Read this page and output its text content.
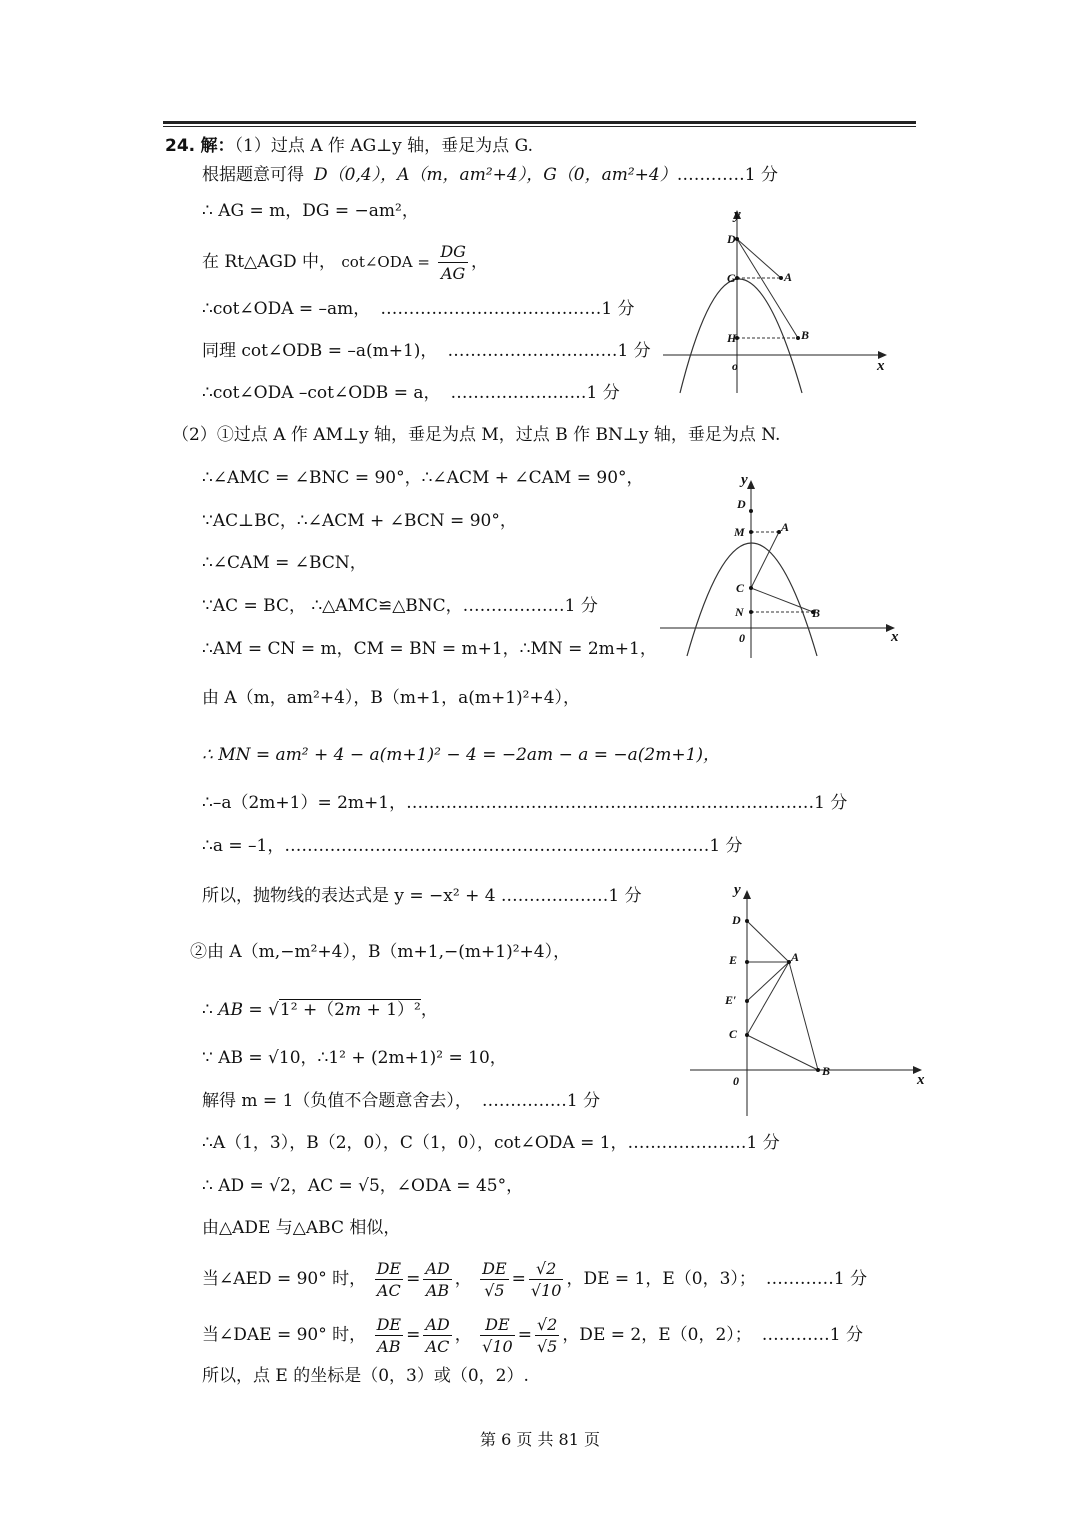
24. 解：（1）过点 A 作 AG⊥y 轴，垂足为点 G.
根据题意可得 D（0,4），A（m，am²+4），G（0，am²+4）…………1 分
∴ AG = m，DG = −am²，
在 Rt△AGD 中， cot∠ODA = $\frac{DG}{AG}$ ，
∴cot∠ODA = –am， …………………………………1 分
同理 cot∠ODB = –a(m+1)， …………………………1 分
∴cot∠ODA –cot∠ODB = a， ……………………1 分
y
x
o
D
G	A
H	B
（2）①过点 A 作 AM⊥y 轴，垂足为点 M，过点 B 作 BN⊥y 轴，垂足为点 N.
∴∠AMC = ∠BNC = 90°，∴∠ACM + ∠CAM = 90°，
∵AC⊥BC，∴∠ACM + ∠BCN = 90°，
∴∠CAM = ∠BCN，
∵AC = BC， ∴△AMC≌△BNC，………………1 分
∴AM = CN = m，CM = BN = m+1，∴MN = 2m+1，
由 A（m，am²+4），B（m+1，a(m+1)²+4），
∴ MN = am² + 4 − a(m+1)² − 4 = −2am − a = −a(2m+1)，
∴–a（2m+1）= 2m+1，………………………………………………………………1 分
∴a = –1，…………………………………………………………………1 分
所以，抛物线的表达式是 y = −x² + 4 .………………1 分
y
x
0
D
M	A
C
N	B
②由 A（m,−m²+4），B（m+1,−(m+1)²+4），
∴ AB = √1² +（2m + 1）²，
∵ AB = √10，∴1² + (2m+1)² = 10，
解得 m = 1（负值不合题意舍去）， ……………1 分
∴A（1，3），B（2，0），C（1，0），cot∠ODA = 1，…………………1 分
∴ AD = √2，AC = √5，∠ODA = 45°，
由△ADE 与△ABC 相似，
当∠AED = 90° 时， $\frac{DE}{AC} = \frac{AD}{AB}$ ， $\frac{DE}{√5} = \frac{√2}{√10}$ ，DE = 1，E（0，3）； …………1 分
当∠DAE = 90° 时， $\frac{DE}{AB} = \frac{AD}{AC}$ ， $\frac{DE}{√10} = \frac{√2}{√5}$ ，DE = 2，E（0，2）； …………1 分
所以，点 E 的坐标是（0，3）或（0，2）.
y
x
0
D
E	A
E′
C
B
第 6 页 共 81 页
